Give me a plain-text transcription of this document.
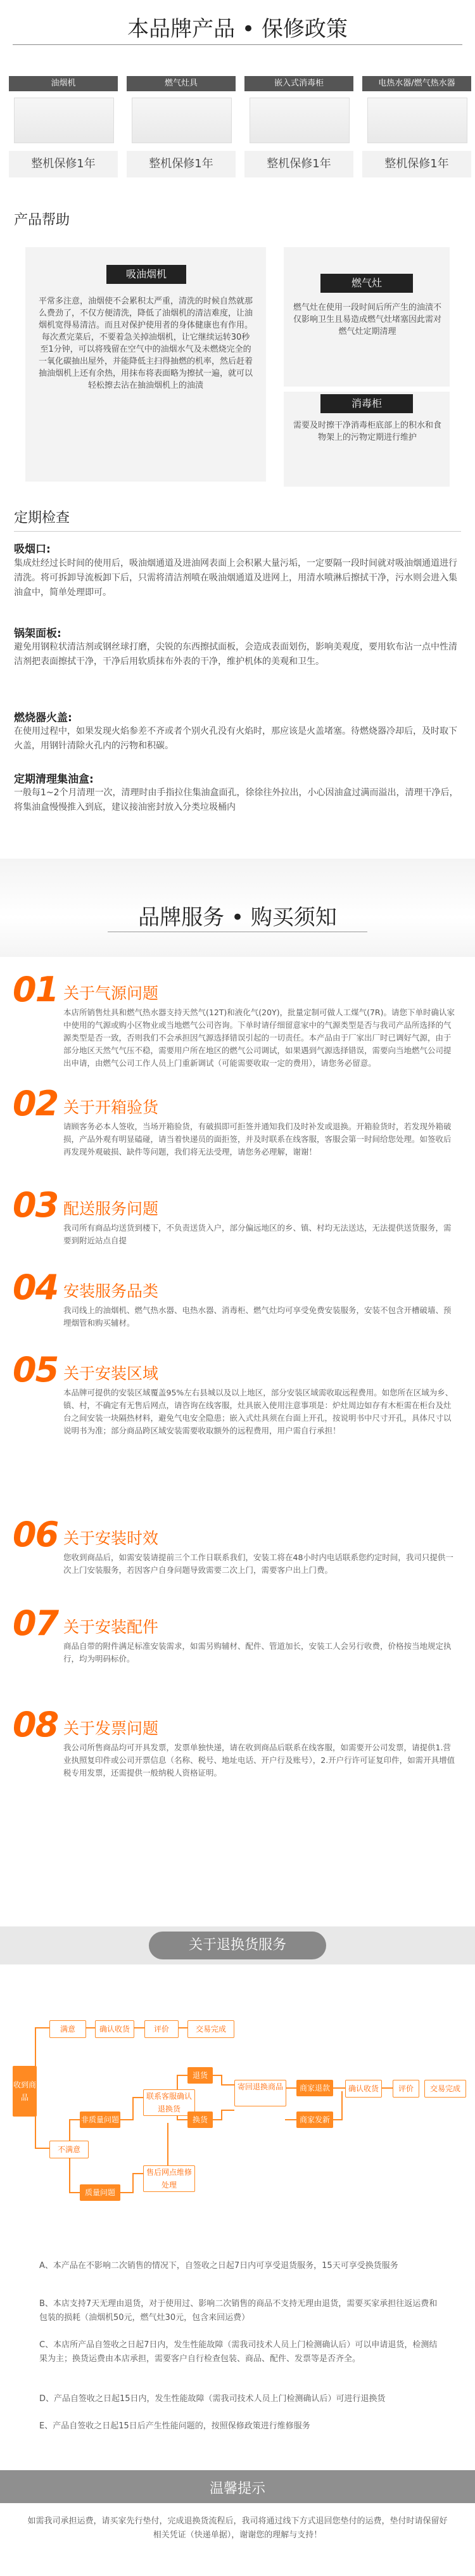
本品牌产品 • 保修政策
油烟机
整机保修1年
燃气灶具
整机保修1年
嵌入式消毒柜
整机保修1年
电热水器/燃气热水器
整机保修1年
产品帮助
吸油烟机
平常多注意，油烟使不会累积太严重，清洗的时候自然就那么费劲了，不仅方便清洗，降低了油烟机的清洁难度，让油烟机宽得易清洁。而且对保护使用者的身体健康也有作用。每次煮完菜后，不要着急关掉油烟机，让它继续运转30秒至1分钟，可以将残留在空气中的油烟水气及未燃烧完全的一氧化碳抽出屋外，并能降低主扫得抽燃的机率，然后赶着抽油烟机上还有余热，用抹布将表面略为擦拭一遍，就可以轻松擦去沾在抽油烟机上的油渍
燃气灶
燃气灶在使用一段时间后所产生的油渍不仅影响卫生且易造成燃气灶堵塞因此需对燃气灶定期清理
消毒柜
需要及时擦干净消毒柜底部上的积水和食物架上的污物定期进行维护
定期检查
吸烟口:
集成灶经过长时间的使用后，吸油烟通道及进油网表面上会积累大量污垢，一定要隔一段时间就对吸油烟通道进行清洗。将可拆卸导流板卸下后，只需将清洁剂喷在吸油烟通道及进网上，用清水喷淋后擦拭干净，污水则会进入集油盒中，简单处理即可。
锅架面板:
避免用钢粒状清洁剂或钢丝球打磨，尖锐的东西擦拭面板，会造成表面划伤，影响美观度，要用软布沾一点中性清洁剂把表面擦拭干净，干净后用软质抹布外表的干净，维护机体的美观和卫生。
燃烧器火盖:
在使用过程中，如果发现火焰参差不齐或者个别火孔没有火焰时，那应该是火盖堵塞。待燃烧器冷却后，及时取下火盖，用钢针清除火孔内的污物和积碳。
定期清理集油盒:
一般每1~2个月清理一次，清理时由手指拉住集油盒面孔，徐徐往外拉出，小心因油盒过满而溢出，清理干净后，将集油盒慢慢推入到底，建议接油密封放入分类垃圾桶内
品牌服务 • 购买须知
01 关于气源问题
本店所销售灶具和燃气热水器支持天然气(12T)和液化气(20Y)，批量定制可做人工煤气(7R)。请您下单时确认家中使用的气源或购小区物业或当地燃气公司咨询。下单时请仔细留意家中的气源类型是否与我司产品所选择的气源类型是否一致，否则我们不会承担因气源选择错误引起的一切责任。本产品由于厂家出厂时已调好气源，由于部分地区天然气气压不稳，需要用户所在地区的燃气公司调试，如果遇到气源选择错误，需要向当地燃气公司提出申请，由燃气公司工作人员上门重新调试（可能需要收取一定的费用），请您务必留意。
02 关于开箱验货
请顾客务必本人签收，当场开箱验货，有破损即可拒签并通知我们及时补发或退换。开箱验货时，若发现外箱破损，产品外观有明显磕碰，请当着快递员的面拒签，并及时联系在线客服，客服会第一时间给您处理。如签收后再发现外观破损、缺件等问题，我们将无法受理，请您务必理解，谢谢！
03 配送服务问题
我司所有商品均送货到楼下，不负责送货入户，部分偏远地区的乡、镇、村均无法送达，无法提供送货服务，需要到附近站点自提
04 安装服务品类
我司线上的油烟机、燃气热水器、电热水器、消毒柜、燃气灶均可享受免费安装服务，安装不包含开槽破墙、预埋烟管和购买辅材。
05 关于安装区域
本品牌可提供的安装区域覆盖95%左右县城以及以上地区，部分安装区域需收取远程费用。如您所在区域为乡、镇、村，不确定有无售后网点，请咨询在线客服，灶具嵌入使用注意事项是：炉灶周边如存有木柜需在柜台及灶台之间安装一块隔热材料，避免气电安全隐患；嵌入式灶具须在台面上开孔，按说明书中尺寸开孔，具体尺寸以说明书为准；部分商品跨区域安装需要收取额外的远程费用，用户需自行承担！
06 关于安装时效
您收到商品后，如需安装请提前三个工作日联系我们，安装工将在48小时内电话联系您约定时间，我司只提供一次上门安装服务，若因客户自身问题导致需要二次上门，需要客户出上门费。
07 关于安装配件
商品自带的附件满足标准安装需求，如需另购辅材、配件、管道加长，安装工人会另行收费，价格按当地规定执行，均为明码标价。
08 关于发票问题
我公司所售商品均可开具发票，发票单独快递，请在收到商品后联系在线客服，如需要开公司发票，请提供1.营业执照复印件或公司开票信息（名称、税号、地址电话、开户行及账号），2.开户行许可证复印件，如需开具增值税专用发票，还需提供一般纳税人资格证明。
关于退换货服务
收到商品
满意	确认收货	评价	交易完成
不满意
非质量问题
质量问题
联系客服确认退换货
售后网点维修处理
退货
换货
寄回退换商品	商家退款
商家发新货
确认收货	评价	交易完成
A、本产品在不影响二次销售的情况下，自签收之日起7日内可享受退货服务，15天可享受换货服务
B、本店支持7天无理由退货，对于使用过、影响二次销售的商品不支持无理由退货，需要买家承担往返运费和包装的损耗（油烟机50元，燃气灶30元，包含来回运费）
C、本店所产品自签收之日起7日内，发生性能故障（需我司技术人员上门检测确认后）可以申请退货，检测结果为主；换货运费由本店承担，需要客户自行检查包装、商品、配件、发票等是否齐全。
D、产品自签收之日起15日内，发生性能故障（需我司技术人员上门检测确认后）可进行退换货
E、产品自签收之日起15日后产生性能问题的，按照保修政策进行维修服务
温馨提示
如需我司承担运费，请买家先行垫付，完成退换货流程后，我司将通过线下方式退回您垫付的运费，垫付时请保留好相关凭证（快递单据），谢谢您的理解与支持！
